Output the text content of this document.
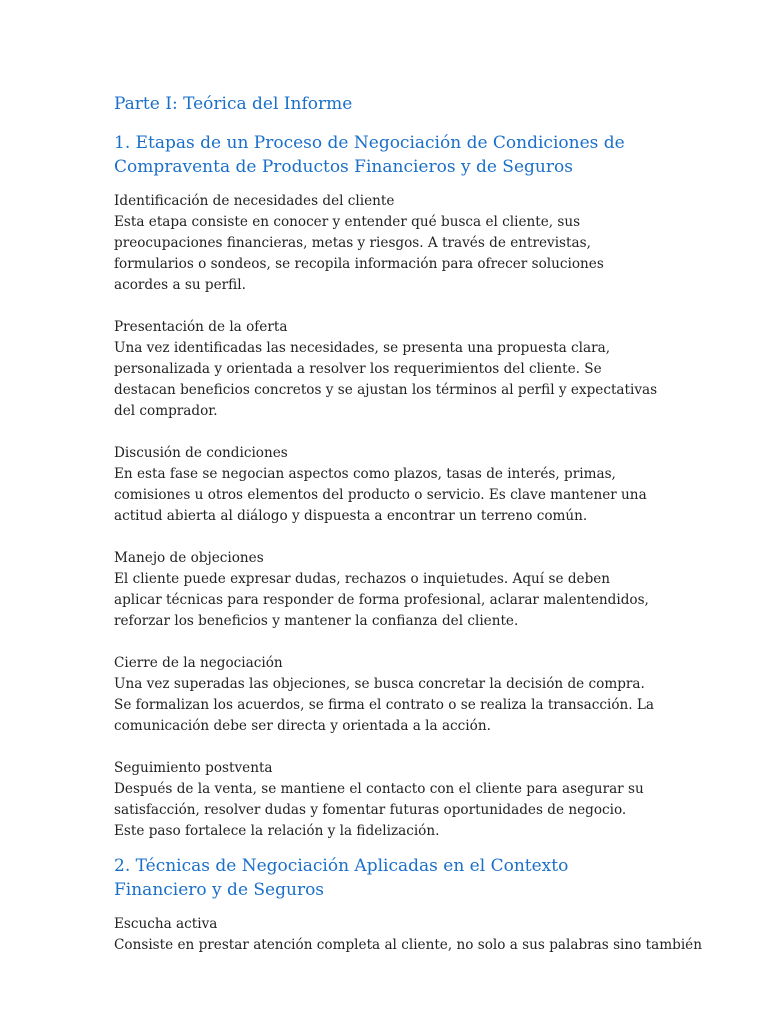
Parte I: Teórica del Informe
1. Etapas de un Proceso de Negociación de Condiciones de Compraventa de Productos Financieros y de Seguros

Identificación de necesidades del cliente

Esta etapa consiste en conocer y entender qué busca el cliente, sus preocupaciones financieras, metas y riesgos. A través de entrevistas, formularios o sondeos, se recopila información para ofrecer soluciones acordes a su perfil.

Presentación de la oferta

Una vez identificadas las necesidades, se presenta una propuesta clara, personalizada y orientada a resolver los requerimientos del cliente. Se destacan beneficios concretos y se ajustan los términos al perfil y expectativas del comprador.

Discusión de condiciones

En esta fase se negocian aspectos como plazos, tasas de interés, primas, comisiones u otros elementos del producto o servicio. Es clave mantener una actitud abierta al diálogo y dispuesta a encontrar un terreno común.

Manejo de objeciones

El cliente puede expresar dudas, rechazos o inquietudes. Aquí se deben aplicar técnicas para responder de forma profesional, aclarar malentendidos, reforzar los beneficios y mantener la confianza del cliente.

Cierre de la negociación

Una vez superadas las objeciones, se busca concretar la decisión de compra. Se formalizan los acuerdos, se firma el contrato o se realiza la transacción. La comunicación debe ser directa y orientada a la acción.

Seguimiento postventa

Después de la venta, se mantiene el contacto con el cliente para asegurar su satisfacción, resolver dudas y fomentar futuras oportunidades de negocio. Este paso fortalece la relación y la fidelización.

2. Técnicas de Negociación Aplicadas en el Contexto Financiero y de Seguros

Escucha activa

Consiste en prestar atención completa al cliente, no solo a sus palabras sino también
